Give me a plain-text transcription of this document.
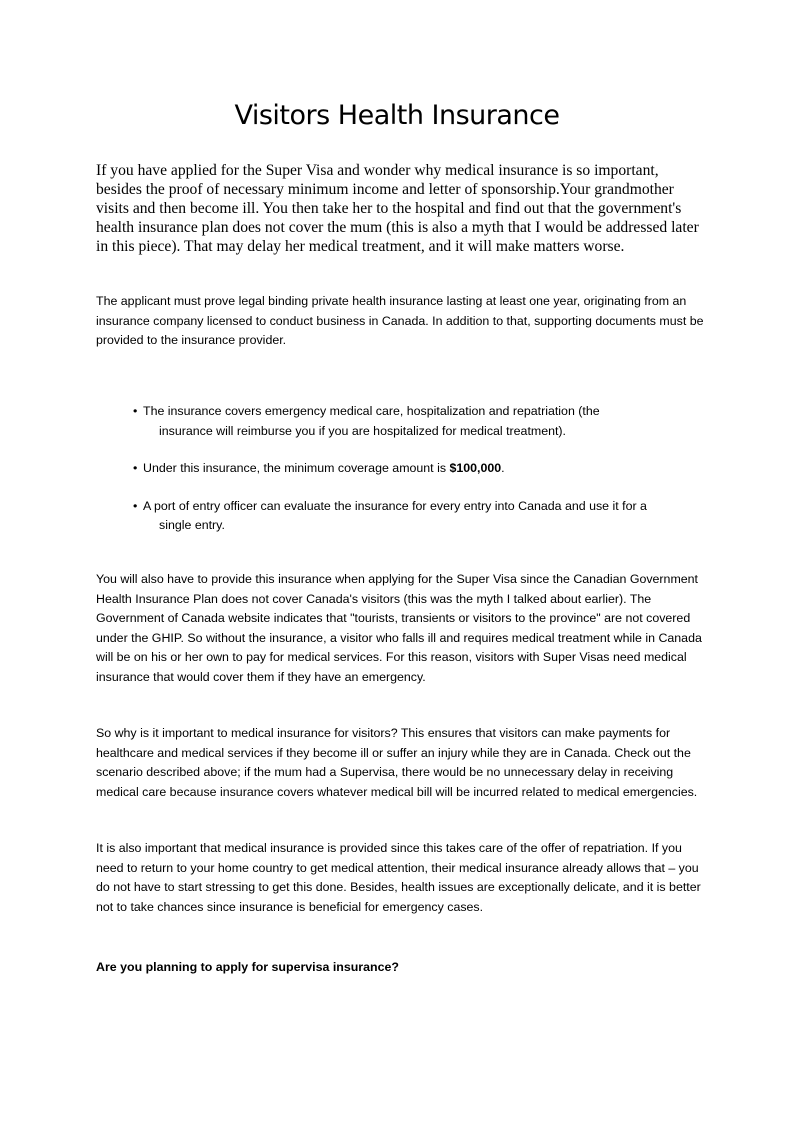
Visitors Health Insurance

If you have applied for the Super Visa and wonder why medical insurance is so important, besides the proof of necessary minimum income and letter of sponsorship.Your grandmother visits and then become ill. You then take her to the hospital and find out that the government's health insurance plan does not cover the mum (this is also a myth that I would be addressed later in this piece). That may delay her medical treatment, and it will make matters worse.

The applicant must prove legal binding private health insurance lasting at least one year, originating from an insurance company licensed to conduct business in Canada. In addition to that, supporting documents must be provided to the insurance provider.

• The insurance covers emergency medical care, hospitalization and repatriation (the
insurance will reimburse you if you are hospitalized for medical treatment).
• Under this insurance, the minimum coverage amount is $100,000.
• A port of entry officer can evaluate the insurance for every entry into Canada and use it for a
single entry.

You will also have to provide this insurance when applying for the Super Visa since the Canadian Government Health Insurance Plan does not cover Canada's visitors (this was the myth I talked about earlier). The Government of Canada website indicates that "tourists, transients or visitors to the province" are not covered under the GHIP. So without the insurance, a visitor who falls ill and requires medical treatment while in Canada will be on his or her own to pay for medical services. For this reason, visitors with Super Visas need medical insurance that would cover them if they have an emergency.

So why is it important to medical insurance for visitors? This ensures that visitors can make payments for healthcare and medical services if they become ill or suffer an injury while they are in Canada. Check out the scenario described above; if the mum had a Supervisa, there would be no unnecessary delay in receiving medical care because insurance covers whatever medical bill will be incurred related to medical emergencies.

It is also important that medical insurance is provided since this takes care of the offer of repatriation. If you need to return to your home country to get medical attention, their medical insurance already allows that – you do not have to start stressing to get this done. Besides, health issues are exceptionally delicate, and it is better not to take chances since insurance is beneficial for emergency cases.

Are you planning to apply for supervisa insurance?
